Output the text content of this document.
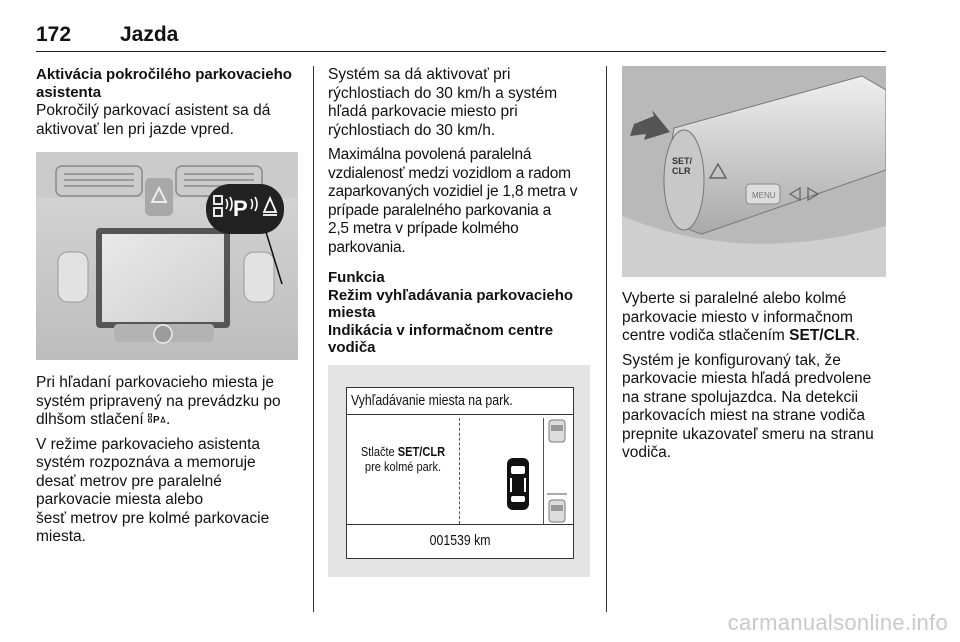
172 Jazda
Aktivácia pokročilého parkovacieho
asistenta
Pokročilý parkovací asistent sa dá
aktivovať len pri jazde vpred.
P

Pri hľadaní parkovacieho miesta je
systém pripravený na prevádzku po
dlhšom stlačení P .

V režime parkovacieho asistenta
systém rozpoznáva a memoruje
desať metrov pre paralelné
parkovacie miesta alebo
šesť metrov pre kolmé parkovacie
miesta.

Systém sa dá aktivovať pri
rýchlostiach do 30 km/h a systém
hľadá parkovacie miesto pri
rýchlostiach do 30 km/h.

Maximálna povolená paralelná
vzdialenosť medzi vozidlom a radom
zaparkovaných vozidiel je 1,8 metra v
prípade paralelného parkovania a
2,5 metra v prípade kolmého
parkovania.

Funkcia
Režim vyhľadávania parkovacieho
miesta
Indikácia v informačnom centre
vodiča
Vyhľadávanie miesta na park.
Stlačte SET/CLR
pre kolmé park.
001539 km
SET/
CLR
MENU

Vyberte si paralelné alebo kolmé
parkovacie miesto v informačnom
centre vodiča stlačením SET/CLR.

Systém je konfigurovaný tak, že
parkovacie miesta hľadá predvolene
na strane spolujazdca. Na detekcii
parkovacích miest na strane vodiča
prepnite ukazovateľ smeru na stranu
vodiča.

carmanualsonline.info
